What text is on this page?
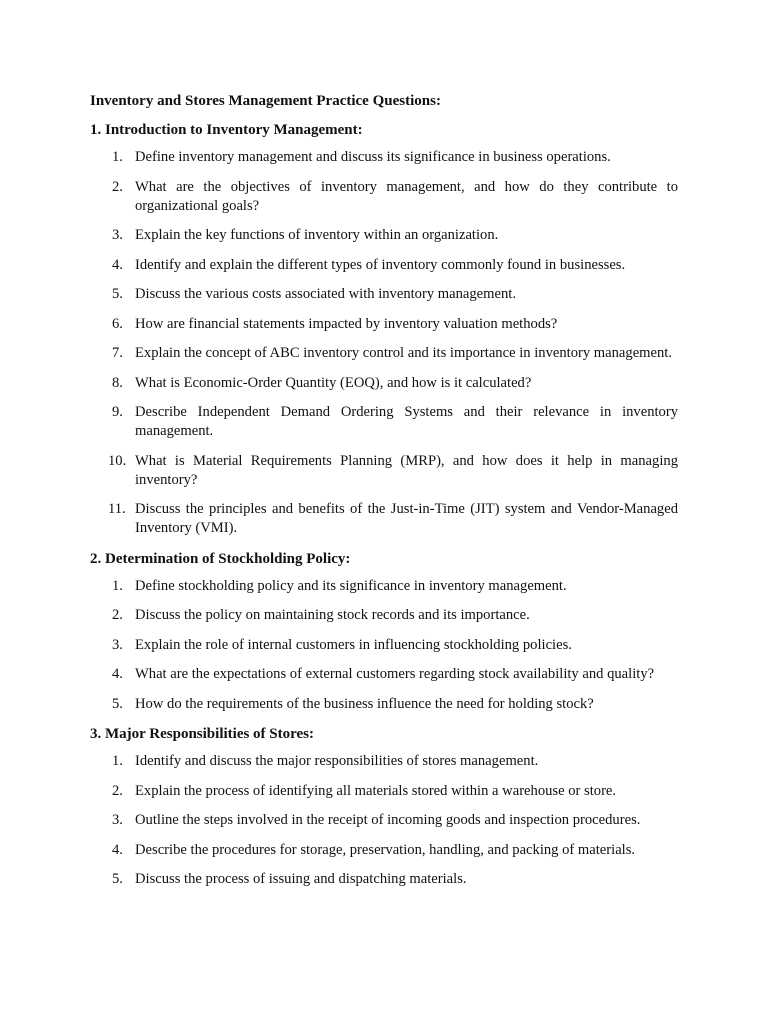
Inventory and Stores Management Practice Questions:
1. Introduction to Inventory Management:
1. Define inventory management and discuss its significance in business operations.
2. What are the objectives of inventory management, and how do they contribute to organizational goals?
3. Explain the key functions of inventory within an organization.
4. Identify and explain the different types of inventory commonly found in businesses.
5. Discuss the various costs associated with inventory management.
6. How are financial statements impacted by inventory valuation methods?
7. Explain the concept of ABC inventory control and its importance in inventory management.
8. What is Economic-Order Quantity (EOQ), and how is it calculated?
9. Describe Independent Demand Ordering Systems and their relevance in inventory management.
10. What is Material Requirements Planning (MRP), and how does it help in managing inventory?
11. Discuss the principles and benefits of the Just-in-Time (JIT) system and Vendor-Managed Inventory (VMI).
2. Determination of Stockholding Policy:
1. Define stockholding policy and its significance in inventory management.
2. Discuss the policy on maintaining stock records and its importance.
3. Explain the role of internal customers in influencing stockholding policies.
4. What are the expectations of external customers regarding stock availability and quality?
5. How do the requirements of the business influence the need for holding stock?
3. Major Responsibilities of Stores:
1. Identify and discuss the major responsibilities of stores management.
2. Explain the process of identifying all materials stored within a warehouse or store.
3. Outline the steps involved in the receipt of incoming goods and inspection procedures.
4. Describe the procedures for storage, preservation, handling, and packing of materials.
5. Discuss the process of issuing and dispatching materials.
